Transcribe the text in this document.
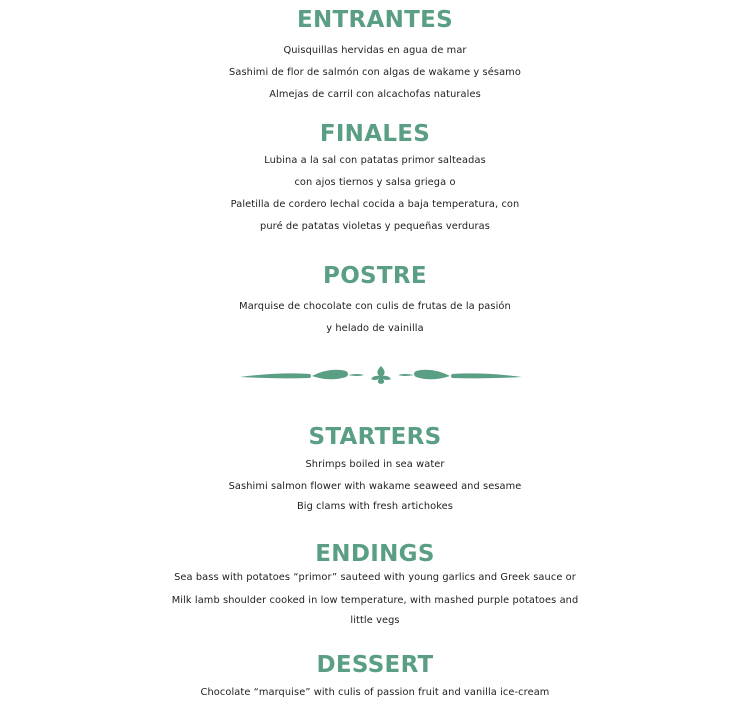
ENTRANTES
Quisquillas hervidas en agua de mar
Sashimi de flor de salmón con algas de wakame y sésamo
Almejas de carril con alcachofas naturales
FINALES
Lubina a la sal con patatas primor salteadas
con ajos tiernos y salsa griega o
Paletilla de cordero lechal cocida a baja temperatura, con
puré de patatas violetas y pequeñas verduras
POSTRE
Marquise de chocolate con culis de frutas de la pasión
y helado de vainilla
STARTERS
Shrimps boiled in sea water
Sashimi salmon flower with wakame seaweed and sesame
Big clams with fresh artichokes
ENDINGS
Sea bass with potatoes “primor” sauteed with young garlics and Greek sauce or
Milk lamb shoulder cooked in low temperature, with mashed purple potatoes and
little vegs
DESSERT
Chocolate “marquise” with culis of passion fruit and vanilla ice-cream
